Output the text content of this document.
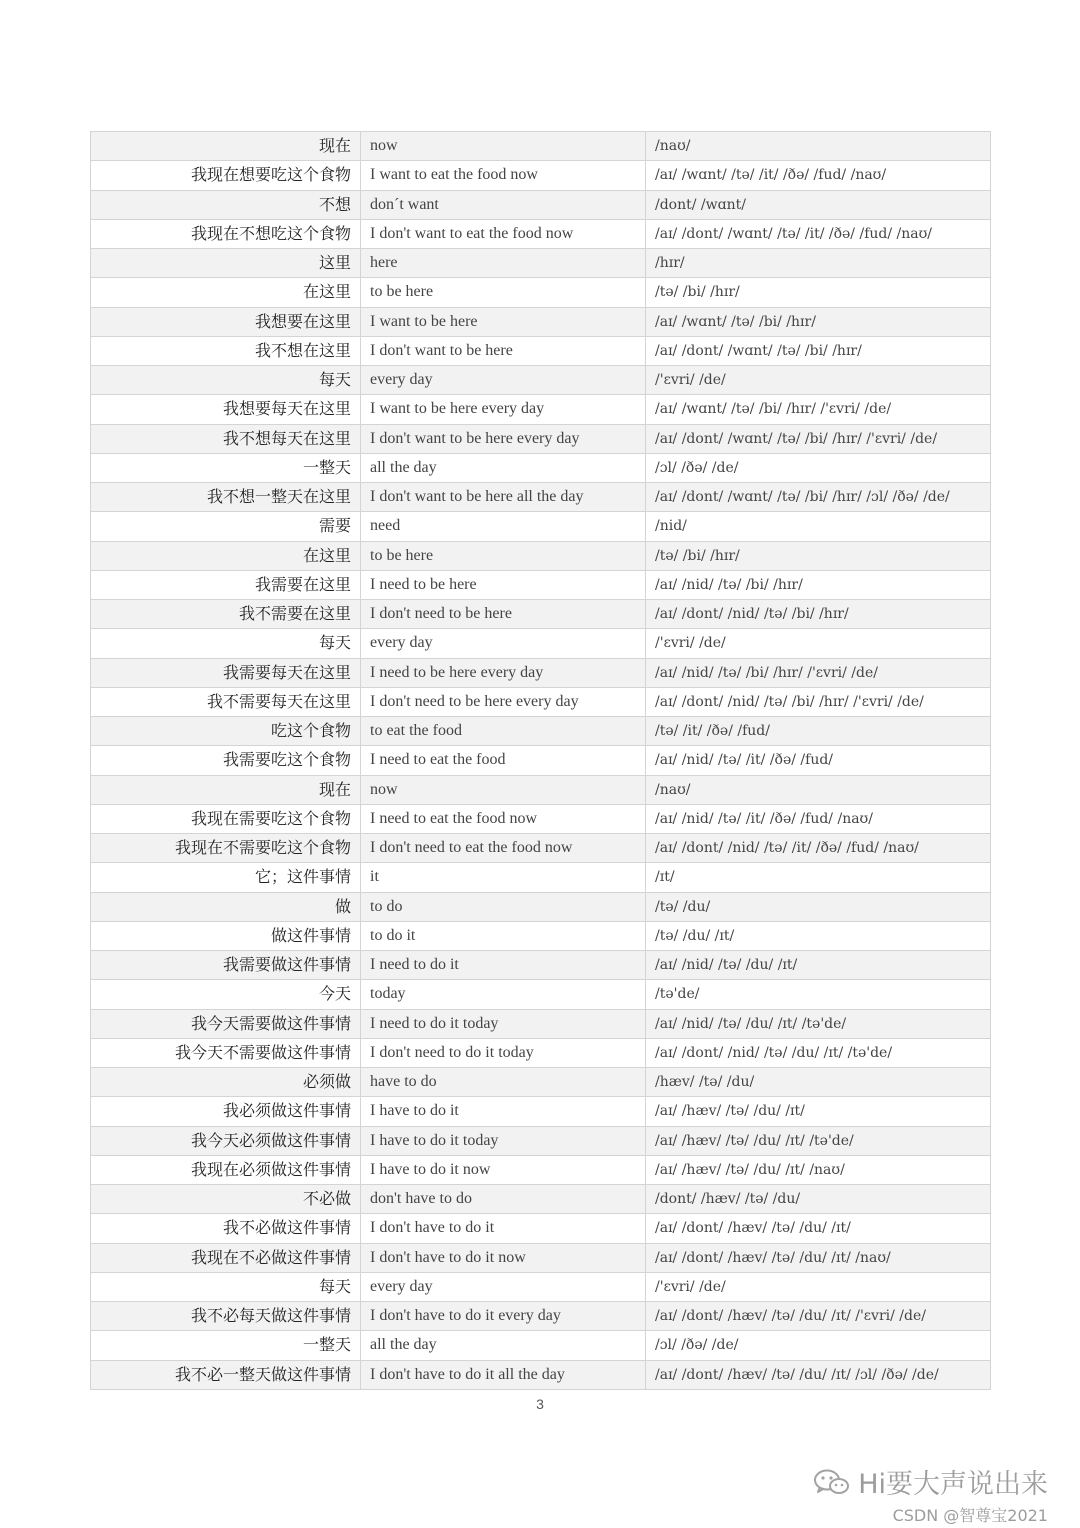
现在	now	/naʊ/
我现在想要吃这个食物	I want to eat the food now	/aɪ/ /wɑnt/ /tə/ /it/ /ðə/ /fud/ /naʊ/
不想	don´t want	/dont/ /wɑnt/
我现在不想吃这个食物	I don't want to eat the food now	/aɪ/ /dont/ /wɑnt/ /tə/ /it/ /ðə/ /fud/ /naʊ/
这里	here	/hɪr/
在这里	to be here	/tə/ /bi/ /hɪr/
我想要在这里	I want to be here	/aɪ/ /wɑnt/ /tə/ /bi/ /hɪr/
我不想在这里	I don't want to be here	/aɪ/ /dont/ /wɑnt/ /tə/ /bi/ /hɪr/
每天	every day	/'ɛvri/ /de/
我想要每天在这里	I want to be here every day	/aɪ/ /wɑnt/ /tə/ /bi/ /hɪr/ /'ɛvri/ /de/
我不想每天在这里	I don't want to be here every day	/aɪ/ /dont/ /wɑnt/ /tə/ /bi/ /hɪr/ /'ɛvri/ /de/
一整天	all the day	/ɔl/ /ðə/ /de/
我不想一整天在这里	I don't want to be here all the day	/aɪ/ /dont/ /wɑnt/ /tə/ /bi/ /hɪr/ /ɔl/ /ðə/ /de/
需要	need	/nid/
在这里	to be here	/tə/ /bi/ /hɪr/
我需要在这里	I need to be here	/aɪ/ /nid/ /tə/ /bi/ /hɪr/
我不需要在这里	I don't need to be here	/aɪ/ /dont/ /nid/ /tə/ /bi/ /hɪr/
每天	every day	/'ɛvri/ /de/
我需要每天在这里	I need to be here every day	/aɪ/ /nid/ /tə/ /bi/ /hɪr/ /'ɛvri/ /de/
我不需要每天在这里	I don't need to be here every day	/aɪ/ /dont/ /nid/ /tə/ /bi/ /hɪr/ /'ɛvri/ /de/
吃这个食物	to eat the food	/tə/ /it/ /ðə/ /fud/
我需要吃这个食物	I need to eat the food	/aɪ/ /nid/ /tə/ /it/ /ðə/ /fud/
现在	now	/naʊ/
我现在需要吃这个食物	I need to eat the food now	/aɪ/ /nid/ /tə/ /it/ /ðə/ /fud/ /naʊ/
我现在不需要吃这个食物	I don't need to eat the food now	/aɪ/ /dont/ /nid/ /tə/ /it/ /ðə/ /fud/ /naʊ/
它；这件事情	it	/ɪt/
做	to do	/tə/ /du/
做这件事情	to do it	/tə/ /du/ /ɪt/
我需要做这件事情	I need to do it	/aɪ/ /nid/ /tə/ /du/ /ɪt/
今天	today	/tə'de/
我今天需要做这件事情	I need to do it today	/aɪ/ /nid/ /tə/ /du/ /ɪt/ /tə'de/
我今天不需要做这件事情	I don't need to do it today	/aɪ/ /dont/ /nid/ /tə/ /du/ /ɪt/ /tə'de/
必须做	have to do	/hæv/ /tə/ /du/
我必须做这件事情	I have to do it	/aɪ/ /hæv/ /tə/ /du/ /ɪt/
我今天必须做这件事情	I have to do it today	/aɪ/ /hæv/ /tə/ /du/ /ɪt/ /tə'de/
我现在必须做这件事情	I have to do it now	/aɪ/ /hæv/ /tə/ /du/ /ɪt/ /naʊ/
不必做	don't have to do	/dont/ /hæv/ /tə/ /du/
我不必做这件事情	I don't have to do it	/aɪ/ /dont/ /hæv/ /tə/ /du/ /ɪt/
我现在不必做这件事情	I don't have to do it now	/aɪ/ /dont/ /hæv/ /tə/ /du/ /ɪt/ /naʊ/
每天	every day	/'ɛvri/ /de/
我不必每天做这件事情	I don't have to do it every day	/aɪ/ /dont/ /hæv/ /tə/ /du/ /ɪt/ /'ɛvri/ /de/
一整天	all the day	/ɔl/ /ðə/ /de/
我不必一整天做这件事情	I don't have to do it all the day	/aɪ/ /dont/ /hæv/ /tə/ /du/ /ɪt/ /ɔl/ /ðə/ /de/
3
Hi要大声说出来
CSDN @智尊宝2021
